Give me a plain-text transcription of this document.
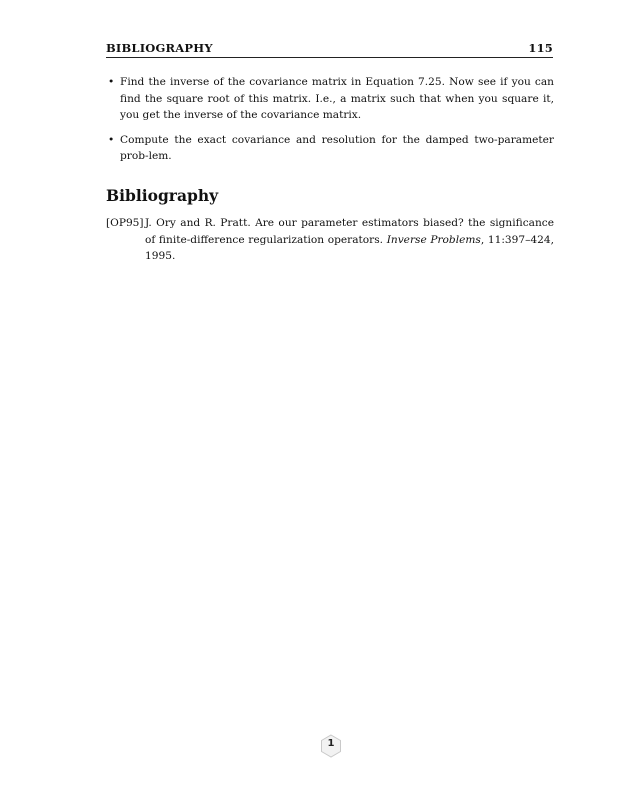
BIBLIOGRAPHY	115
• Find the inverse of the covariance matrix in Equation 7.25. Now see if you can find the square root of this matrix. I.e., a matrix such that when you square it, you get the inverse of the covariance matrix.
• Compute the exact covariance and resolution for the damped two-parameter prob-lem.
Bibliography
[OP95] J. Ory and R. Pratt. Are our parameter estimators biased? the significance of finite-difference regularization operators. Inverse Problems, 11:397–424, 1995.
1
